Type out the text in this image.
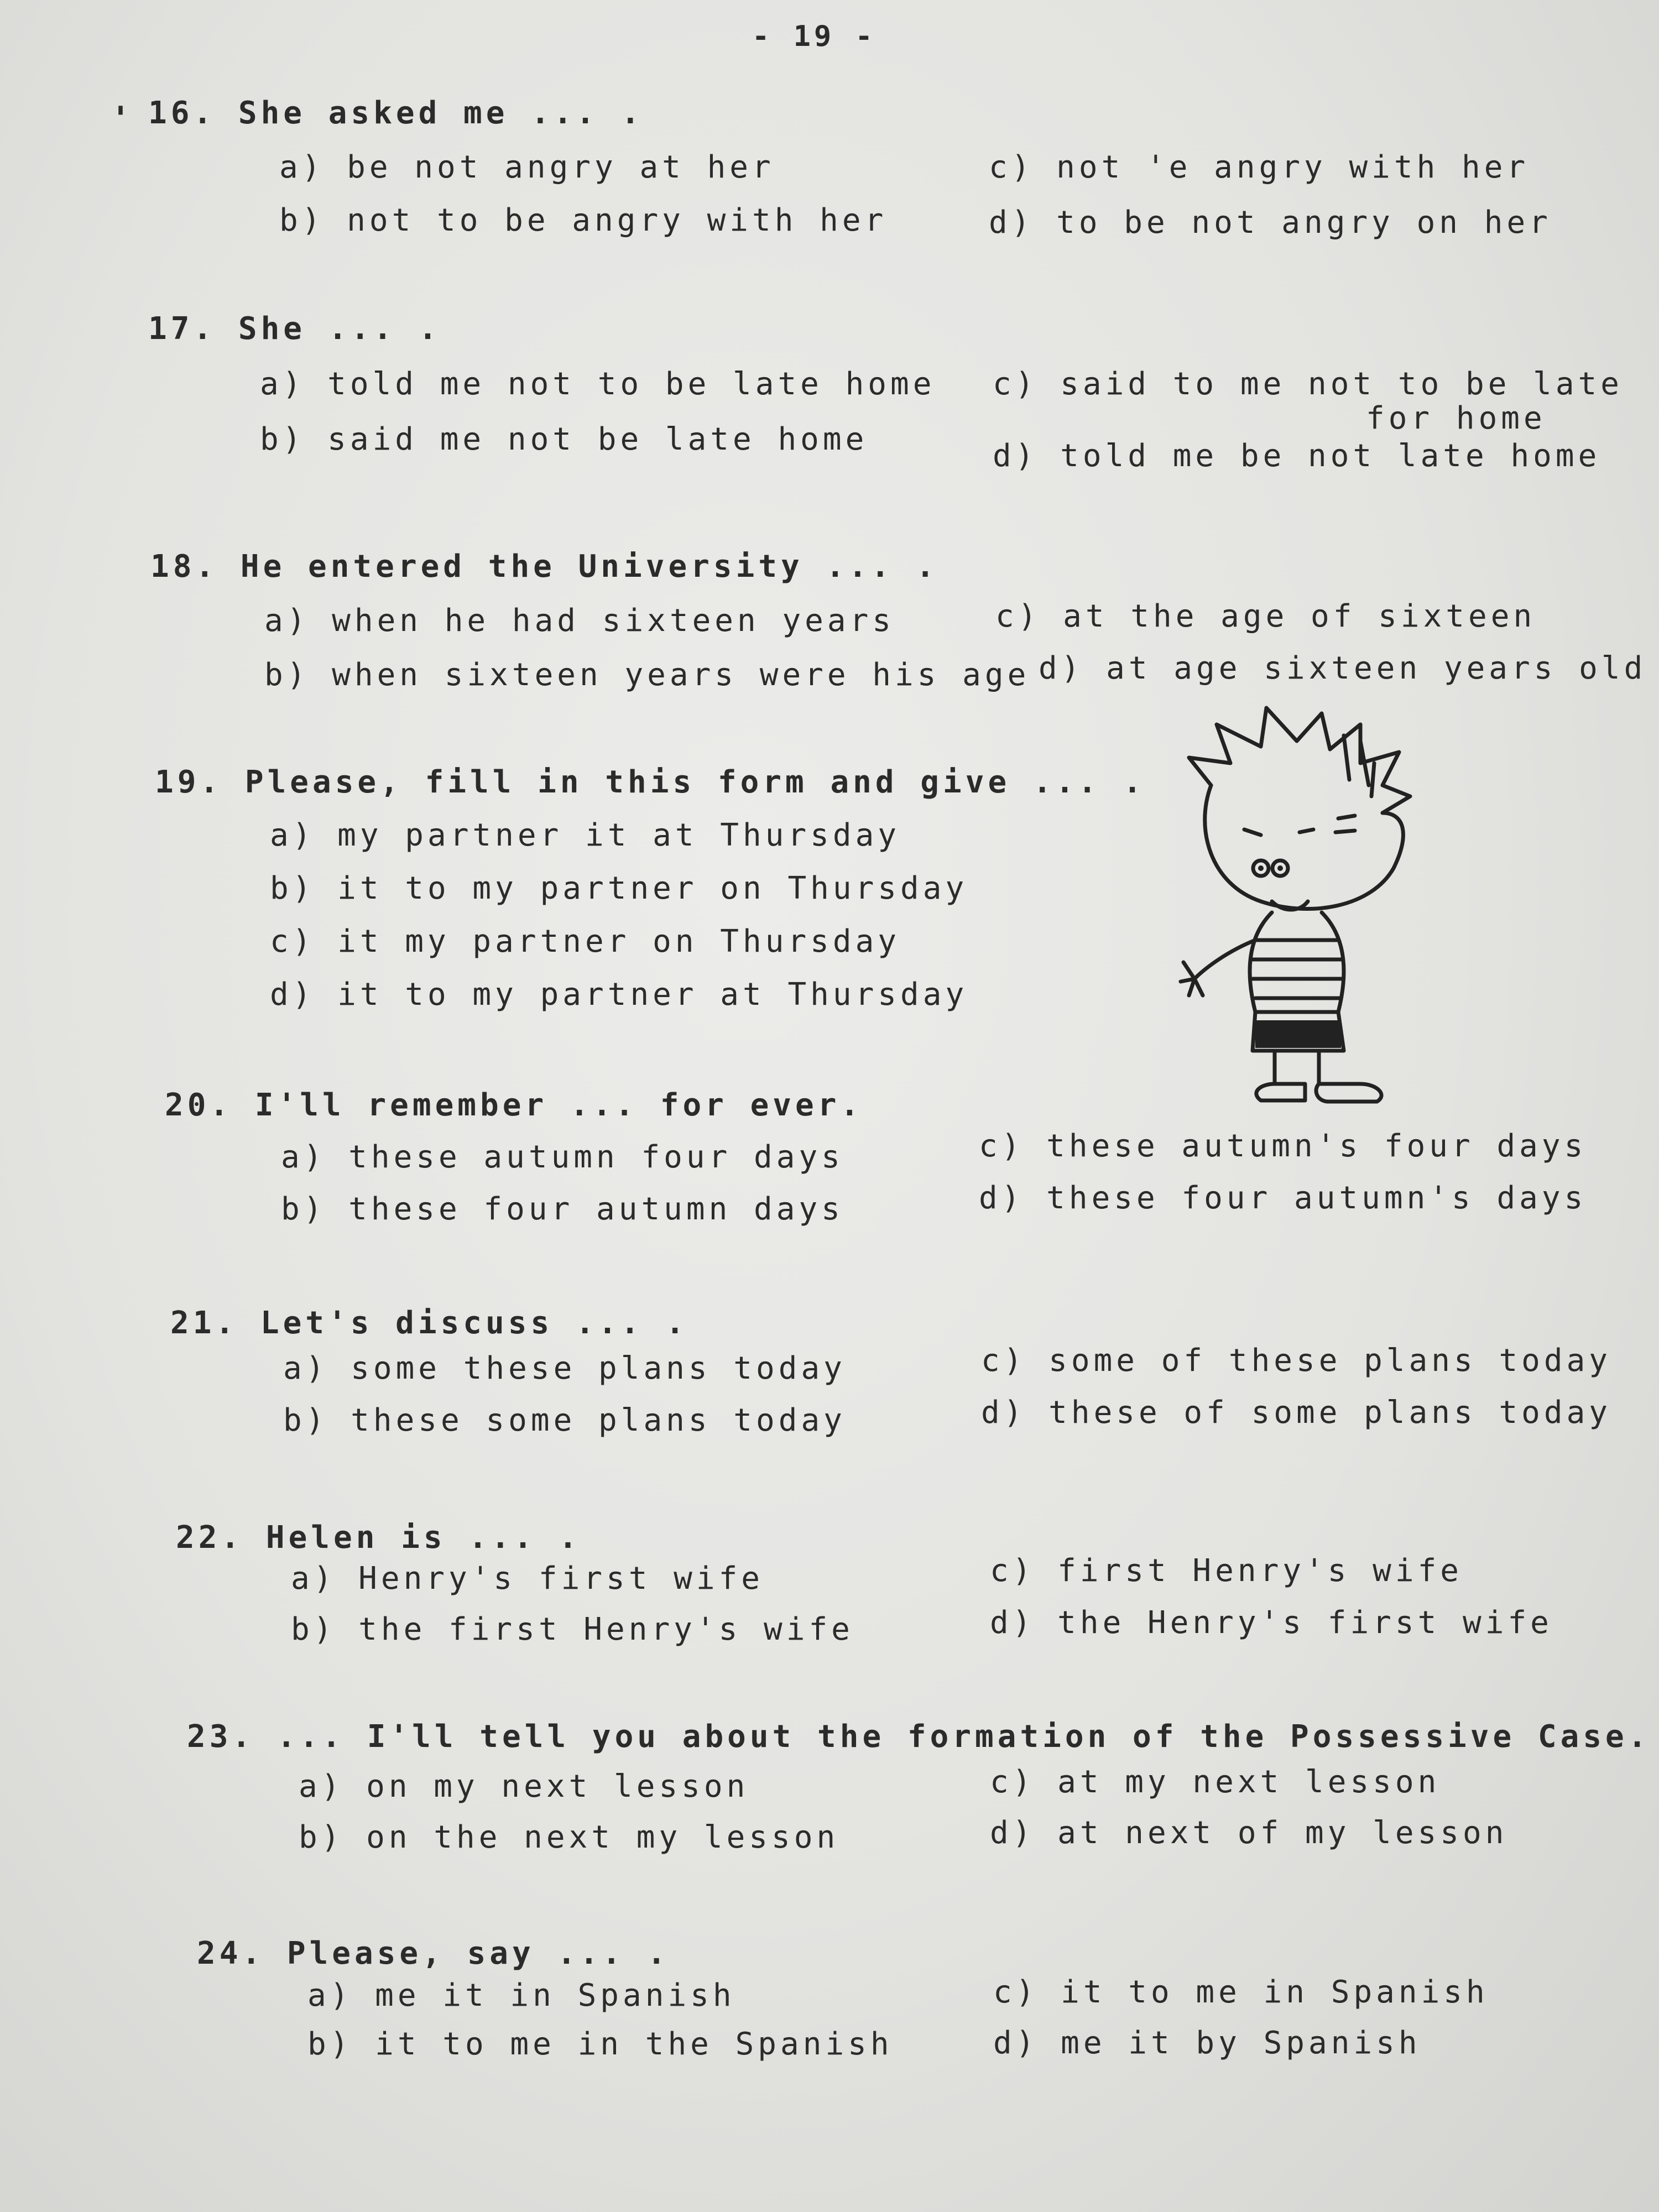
- 19 -
' 16. She asked me ... .
a) be not angry at her
b) not to be angry with her
c) not 'e angry with her
d) to be not angry on her
17. She ... .
a) told me not to be late home
b) said me not be late home
c) said to me not to be late
for home
d) told me be not late home
18. He entered the University ... .
a) when he had sixteen years
b) when sixteen years were his age
c) at the age of sixteen
d) at age sixtеen years old
19. Please, fill in this form and give ... .
a) my partner it at Thursday
b) it to my partner on Thursday
c) it my partner on Thursday
d) it to my partner at Thursday
20. I'll remember ... for ever.
a) these autumn four days
b) these four autumn days
c) these autumn's four days
d) these four autumn's days
21. Let's discuss ... .
a) some these plans today
b) these some plans today
c) some of these plans today
d) these of some plans today
22. Helen is ... .
a) Henry's first wife
b) the first Henry's wife
c) first Henry's wife
d) the Henry's first wife
23. ... I'll tell you about the formation of the Possessive Case.
a) on my next lesson
b) on the next my lesson
c) at my next lesson
d) at next of my lesson
24. Please, say ... .
a) me it in Spanish
b) it to me in the Spanish
c) it to me in Spanish
d) me it by Spanish
